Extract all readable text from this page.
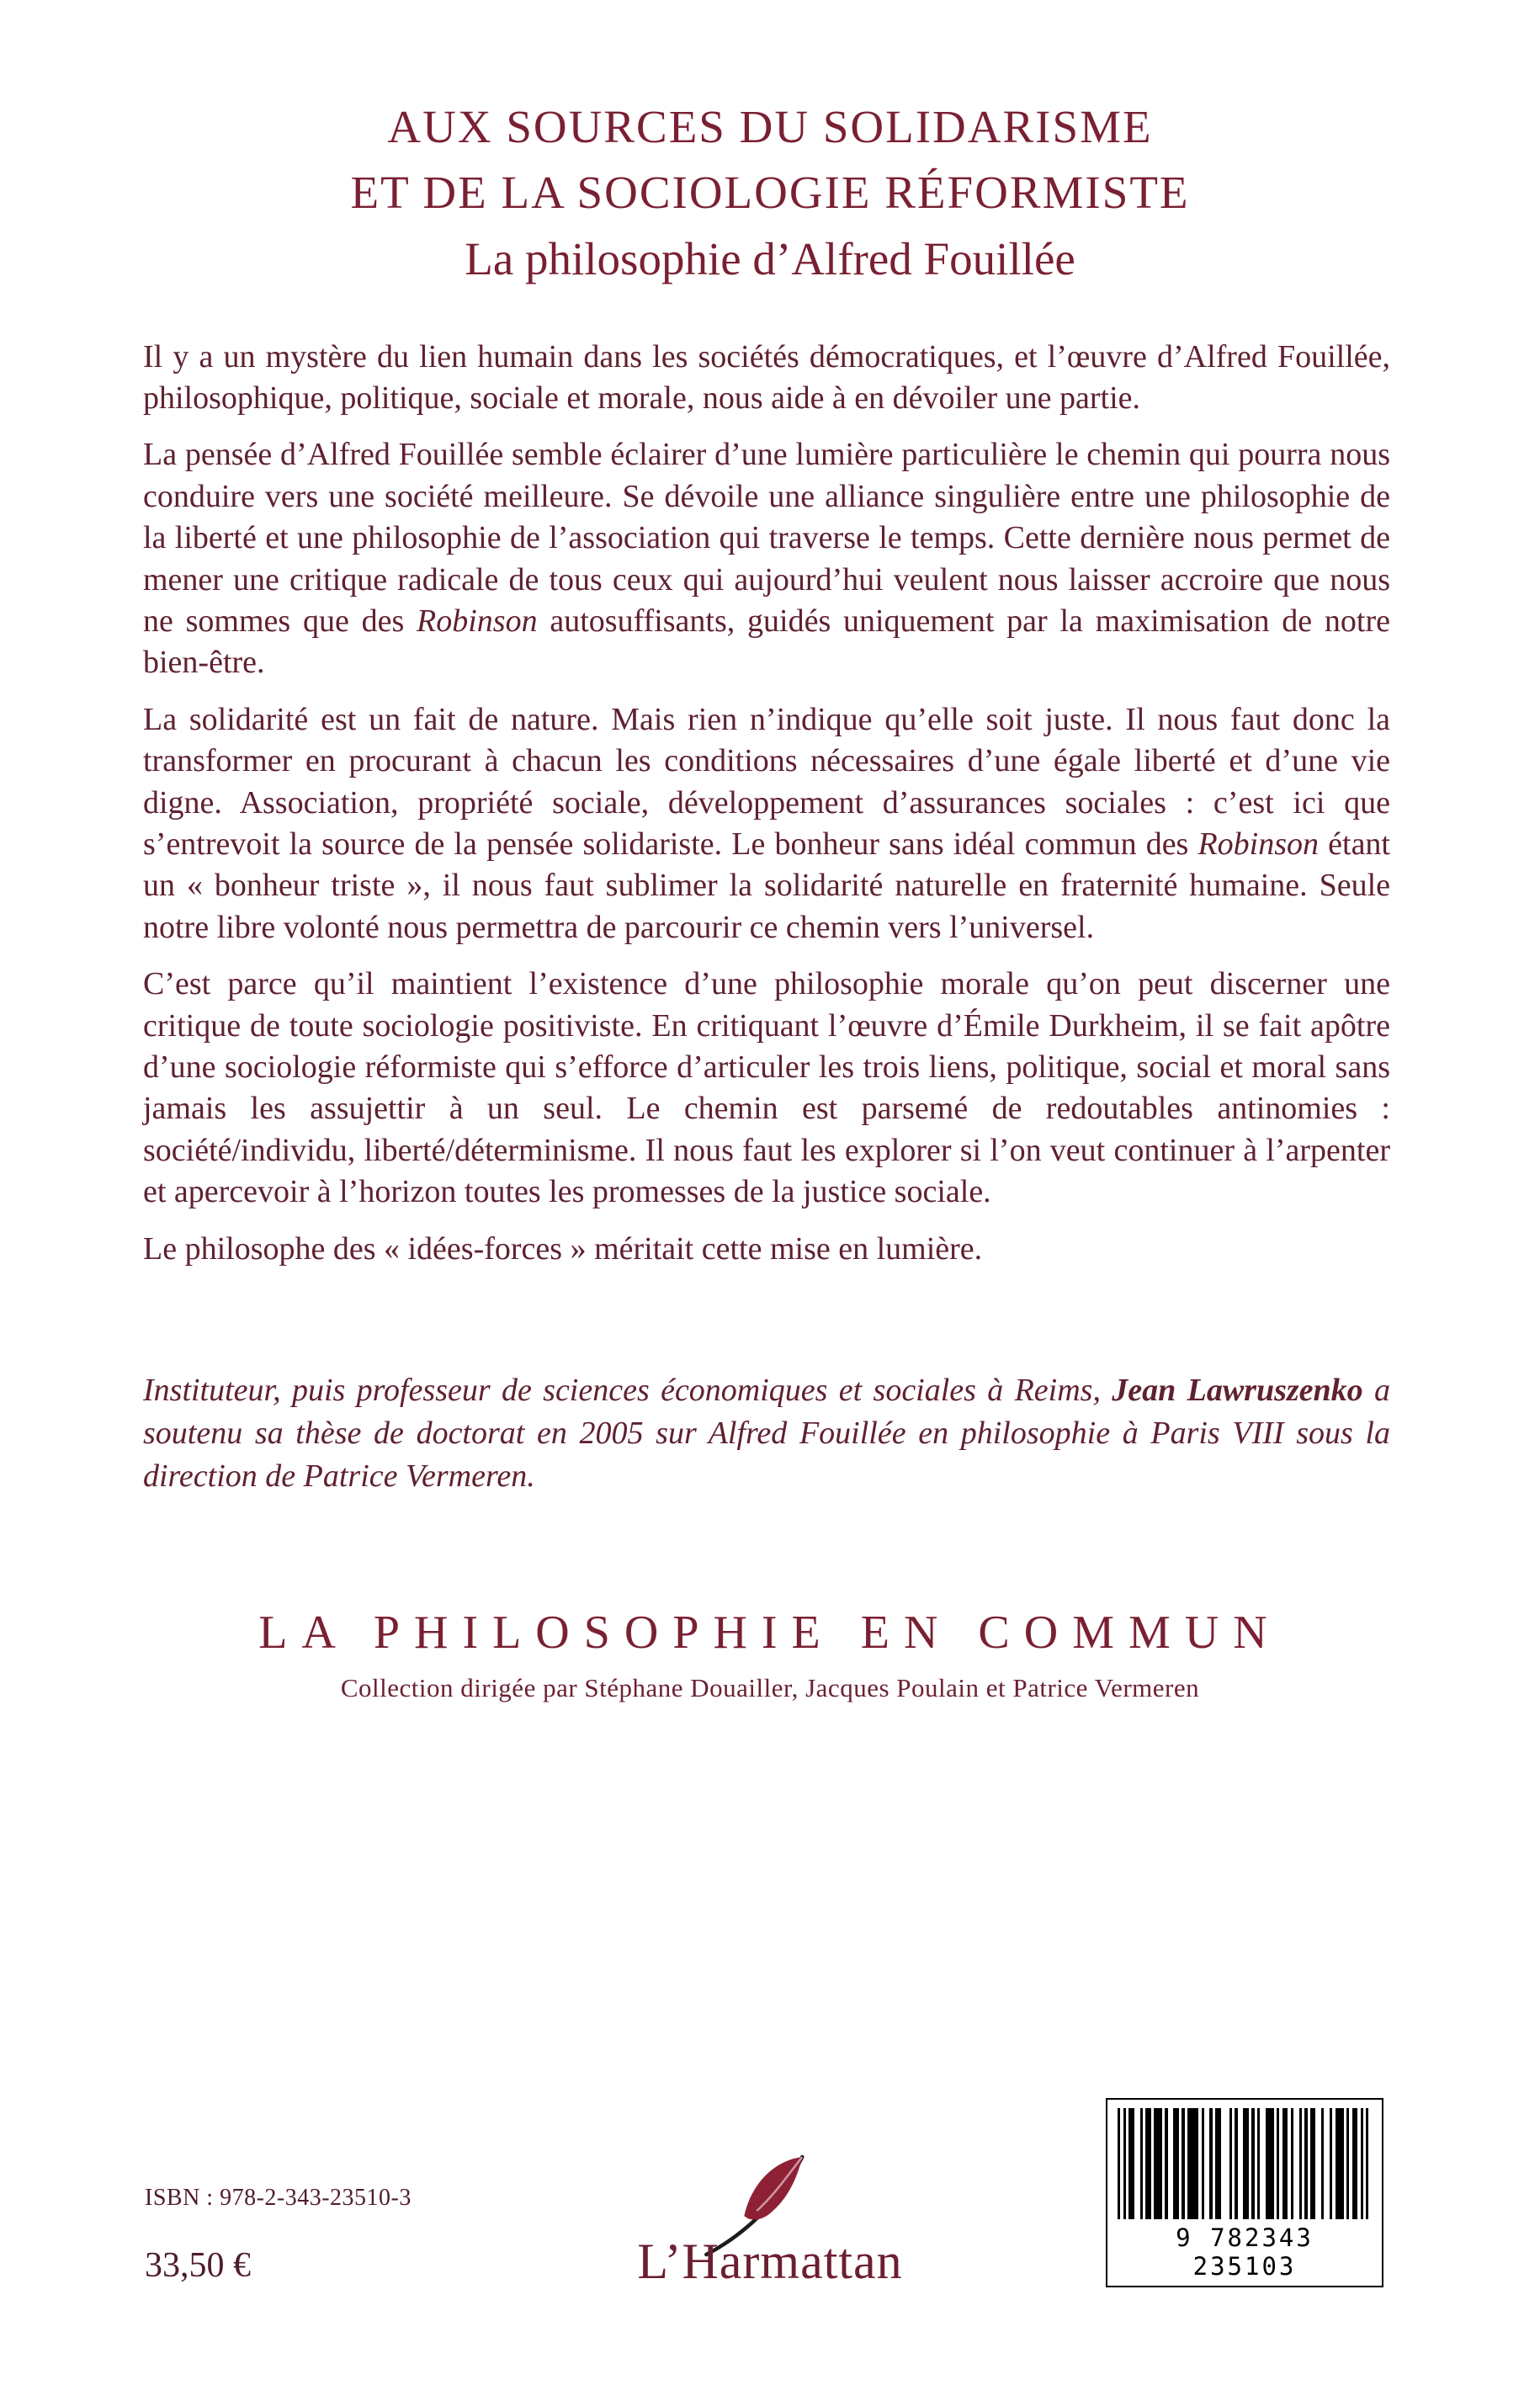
AUX SOURCES DU SOLIDARISME
ET DE LA SOCIOLOGIE RÉFORMISTE
La philosophie d’Alfred Fouillée

Il y a un mystère du lien humain dans les sociétés démocratiques, et l’œuvre d’Alfred Fouillée, philosophique, politique, sociale et morale, nous aide à en dévoiler une partie.

La pensée d’Alfred Fouillée semble éclairer d’une lumière particulière le chemin qui pourra nous conduire vers une société meilleure. Se dévoile une alliance singulière entre une philosophie de la liberté et une philosophie de l’association qui traverse le temps. Cette dernière nous permet de mener une critique radicale de tous ceux qui aujourd’hui veulent nous laisser accroire que nous ne sommes que des Robinson autosuffisants, guidés uniquement par la maximisation de notre bien-être.

La solidarité est un fait de nature. Mais rien n’indique qu’elle soit juste. Il nous faut donc la transformer en procurant à chacun les conditions nécessaires d’une égale liberté et d’une vie digne. Association, propriété sociale, développement d’assurances sociales : c’est ici que s’entrevoit la source de la pensée solidariste. Le bonheur sans idéal commun des Robinson étant un « bonheur triste », il nous faut sublimer la solidarité naturelle en fraternité humaine. Seule notre libre volonté nous permettra de parcourir ce chemin vers l’universel.

C’est parce qu’il maintient l’existence d’une philosophie morale qu’on peut discerner une critique de toute sociologie positiviste. En critiquant l’œuvre d’Émile Durkheim, il se fait apôtre d’une sociologie réformiste qui s’efforce d’articuler les trois liens, politique, social et moral sans jamais les assujettir à un seul. Le chemin est parsemé de redoutables antinomies : société/individu, liberté/déterminisme. Il nous faut les explorer si l’on veut continuer à l’arpenter et apercevoir à l’horizon toutes les promesses de la justice sociale.

Le philosophe des « idées-forces » méritait cette mise en lumière.

Instituteur, puis professeur de sciences économiques et sociales à Reims, Jean Lawruszenko a soutenu sa thèse de doctorat en 2005 sur Alfred Fouillée en philosophie à Paris VIII sous la direction de Patrice Vermeren.

LA PHILOSOPHIE EN COMMUN
Collection dirigée par Stéphane Douailler, Jacques Poulain et Patrice Vermeren
ISBN : 978-2-343-23510-3
33,50 €	L’Harmattan	9 782343 235103
